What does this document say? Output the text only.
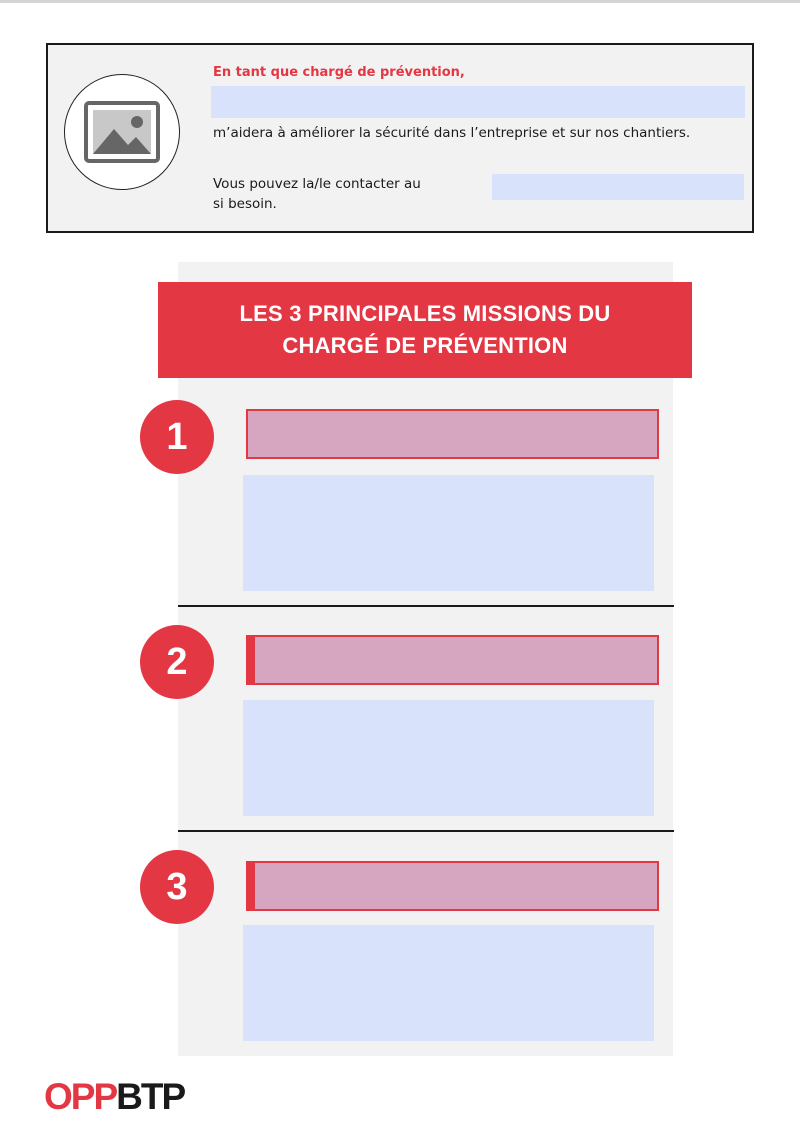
En tant que chargé de prévention,

m’aidera à améliorer la sécurité dans l’entreprise et sur nos chantiers.
Vous pouvez la/le contacter au
si besoin.
LES 3 PRINCIPALES MISSIONS DU
CHARGÉ DE PRÉVENTION
1
2
3
OPPBTP
